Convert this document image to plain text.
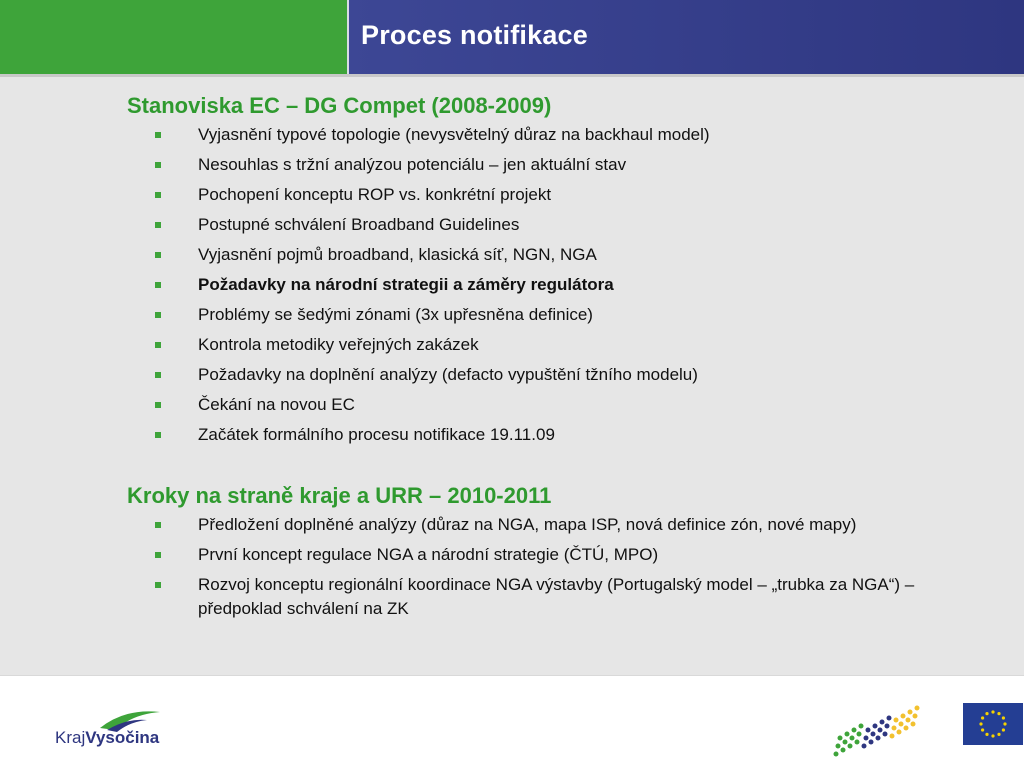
Proces notifikace
Stanoviska EC – DG Compet (2008-2009)
Vyjasnění typové topologie (nevysvětelný důraz na backhaul model)
Nesouhlas s tržní analýzou potenciálu – jen aktuální stav
Pochopení konceptu ROP vs. konkrétní projekt
Postupné schválení Broadband Guidelines
Vyjasnění pojmů broadband, klasická síť, NGN, NGA
Požadavky na národní strategii a záměry regulátora
Problémy se šedými zónami (3x upřesněna definice)
Kontrola metodiky veřejných zakázek
Požadavky na doplnění analýzy (defacto vypuštění tžního modelu)
Čekání na novou EC
Začátek formálního procesu notifikace 19.11.09
Kroky na straně kraje a URR – 2010-2011
Předložení doplněné analýzy (důraz na NGA, mapa ISP, nová definice zón, nové mapy)
První koncept regulace NGA a národní strategie (ČTÚ, MPO)
Rozvoj konceptu regionální koordinace NGA výstavby (Portugalský model – „trubka za NGA“) – předpoklad schválení na ZK
KrajVysočina
